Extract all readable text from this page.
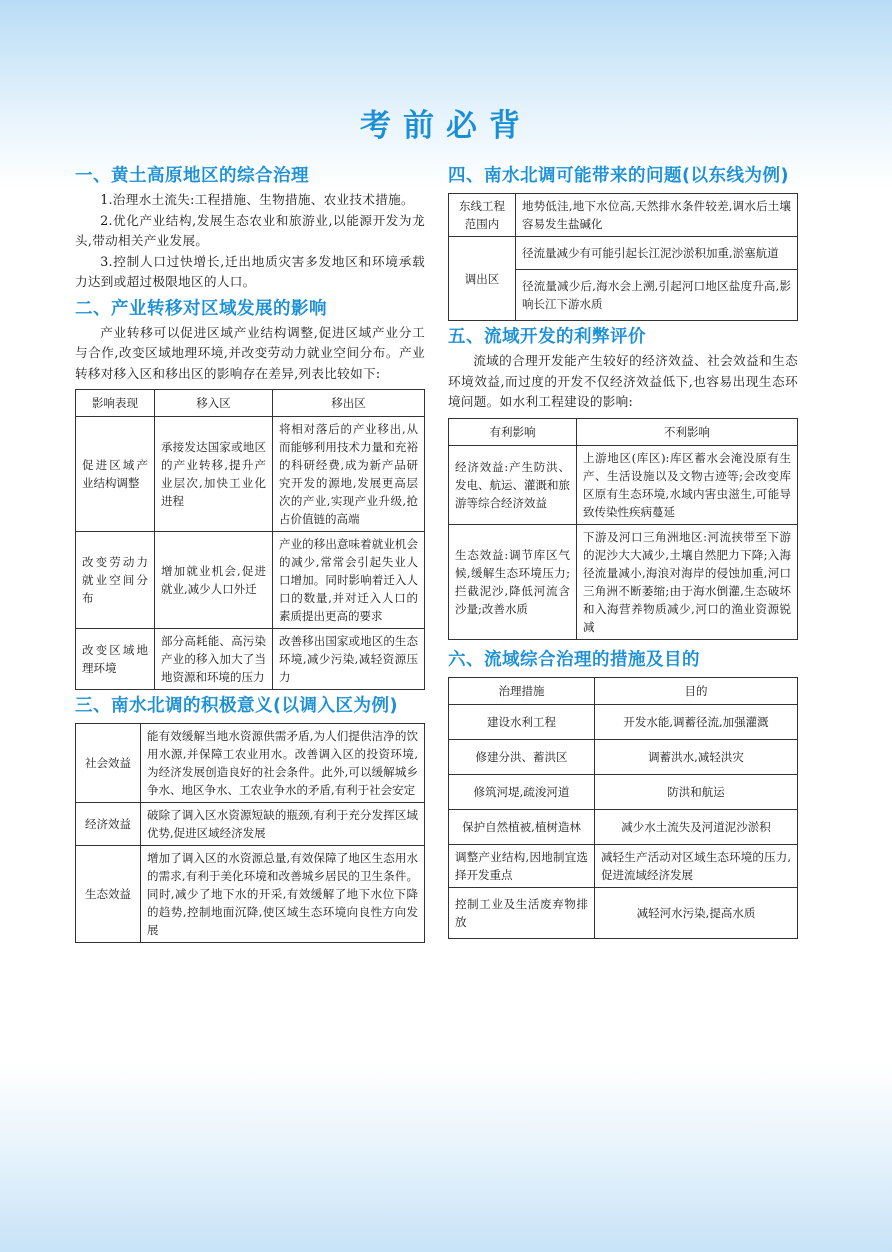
考前必背
一、黄土高原地区的综合治理

1.治理水土流失:工程措施、生物措施、农业技术措施。

2.优化产业结构,发展生态农业和旅游业,以能源开发为龙头,带动相关产业发展。

3.控制人口过快增长,迁出地质灾害多发地区和环境承载力达到或超过极限地区的人口。

二、产业转移对区域发展的影响

产业转移可以促进区域产业结构调整,促进区域产业分工与合作,改变区域地理环境,并改变劳动力就业空间分布。产业转移对移入区和移出区的影响存在差异,列表比较如下:

影响表现	移入区	移出区
促进区域产业结构调整	承接发达国家或地区的产业转移,提升产业层次,加快工业化进程	将相对落后的产业移出,从而能够利用技术力量和充裕的科研经费,成为新产品研究开发的源地,发展更高层次的产业,实现产业升级,抢占价值链的高端
改变劳动力就业空间分布	增加就业机会,促进就业,减少人口外迁	产业的移出意味着就业机会的减少,常常会引起失业人口增加。同时影响着迁入人口的数量,并对迁入人口的素质提出更高的要求
改变区域地理环境	部分高耗能、高污染产业的移入加大了当地资源和环境的压力	改善移出国家或地区的生态环境,减少污染,减轻资源压力
三、南水北调的积极意义(以调入区为例)
社会效益	能有效缓解当地水资源供需矛盾,为人们提供洁净的饮用水源,并保障工农业用水。改善调入区的投资环境,为经济发展创造良好的社会条件。此外,可以缓解城乡争水、地区争水、工农业争水的矛盾,有利于社会安定
经济效益	破除了调入区水资源短缺的瓶颈,有利于充分发挥区域优势,促进区域经济发展
生态效益	增加了调入区的水资源总量,有效保障了地区生态用水的需求,有利于美化环境和改善城乡居民的卫生条件。同时,减少了地下水的开采,有效缓解了地下水位下降的趋势,控制地面沉降,使区域生态环境向良性方向发展
四、南水北调可能带来的问题(以东线为例)
东线工程范围内	地势低洼,地下水位高,天然排水条件较差,调水后土壤容易发生盐碱化
调出区	径流量减少有可能引起长江泥沙淤积加重,淤塞航道
	径流量减少后,海水会上溯,引起河口地区盐度升高,影响长江下游水质
五、流域开发的利弊评价

流域的合理开发能产生较好的经济效益、社会效益和生态环境效益,而过度的开发不仅经济效益低下,也容易出现生态环境问题。如水利工程建设的影响:

有利影响	不利影响
经济效益:产生防洪、发电、航运、灌溉和旅游等综合经济效益	上游地区(库区):库区蓄水会淹没原有生产、生活设施以及文物古迹等;会改变库区原有生态环境,水域内害虫滋生,可能导致传染性疾病蔓延
生态效益:调节库区气候,缓解生态环境压力;拦截泥沙,降低河流含沙量;改善水质	下游及河口三角洲地区:河流挟带至下游的泥沙大大减少,土壤自然肥力下降;入海径流量减小,海浪对海岸的侵蚀加重,河口三角洲不断萎缩;由于海水倒灌,生态破坏和入海营养物质减少,河口的渔业资源锐减
六、流域综合治理的措施及目的
治理措施	目的
建设水利工程	开发水能,调蓄径流,加强灌溉
修建分洪、蓄洪区	调蓄洪水,减轻洪灾
修筑河堤,疏浚河道	防洪和航运
保护自然植被,植树造林	减少水土流失及河道泥沙淤积
调整产业结构,因地制宜选择开发重点	减轻生产活动对区域生态环境的压力,促进流域经济发展
控制工业及生活废弃物排放	减轻河水污染,提高水质
